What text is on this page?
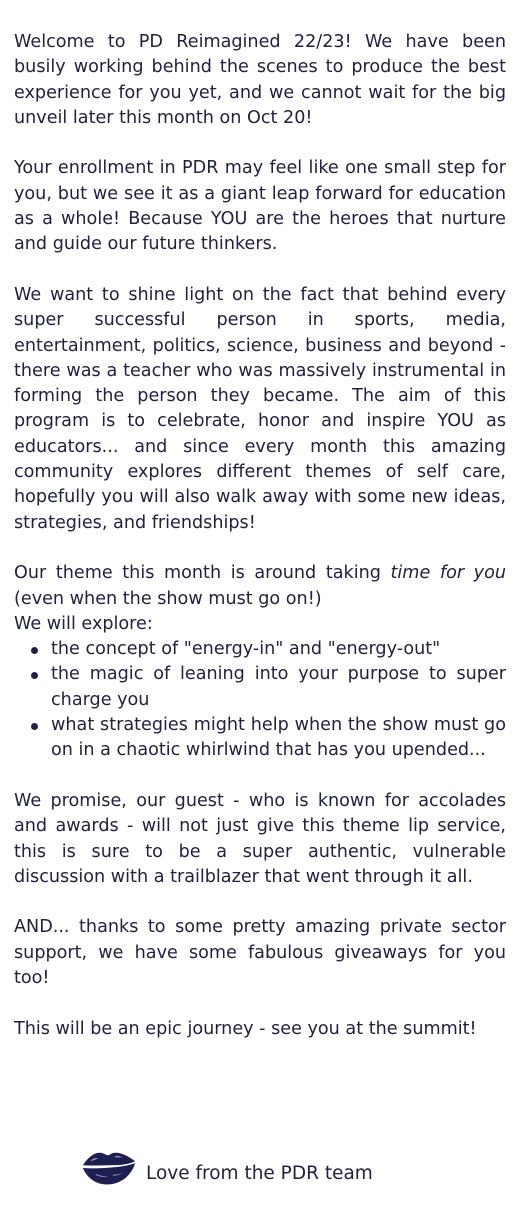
Welcome to PD Reimagined 22/23! We have been busily working behind the scenes to produce the best experience for you yet, and we cannot wait for the big unveil later this month on Oct 20!

Your enrollment in PDR may feel like one small step for you, but we see it as a giant leap forward for education as a whole! Because YOU are the heroes that nurture and guide our future thinkers.

We want to shine light on the fact that behind every super successful person in sports, media, entertainment, politics, science, business and beyond - there was a teacher who was massively instrumental in forming the person they became. The aim of this program is to celebrate, honor and inspire YOU as educators... and since every month this amazing community explores different themes of self care, hopefully you will also walk away with some new ideas, strategies, and friendships!

Our theme this month is around taking time for you (even when the show must go on!)

We will explore:

the concept of "energy-in" and "energy-out"
the magic of leaning into your purpose to super charge you
what strategies might help when the show must go on in a chaotic whirlwind that has you upended...

We promise, our guest - who is known for accolades and awards - will not just give this theme lip service, this is sure to be a super authentic, vulnerable discussion with a trailblazer that went through it all.

AND... thanks to some pretty amazing private sector support, we have some fabulous giveaways for you too!

This will be an epic journey - see you at the summit!

Love from the PDR team
